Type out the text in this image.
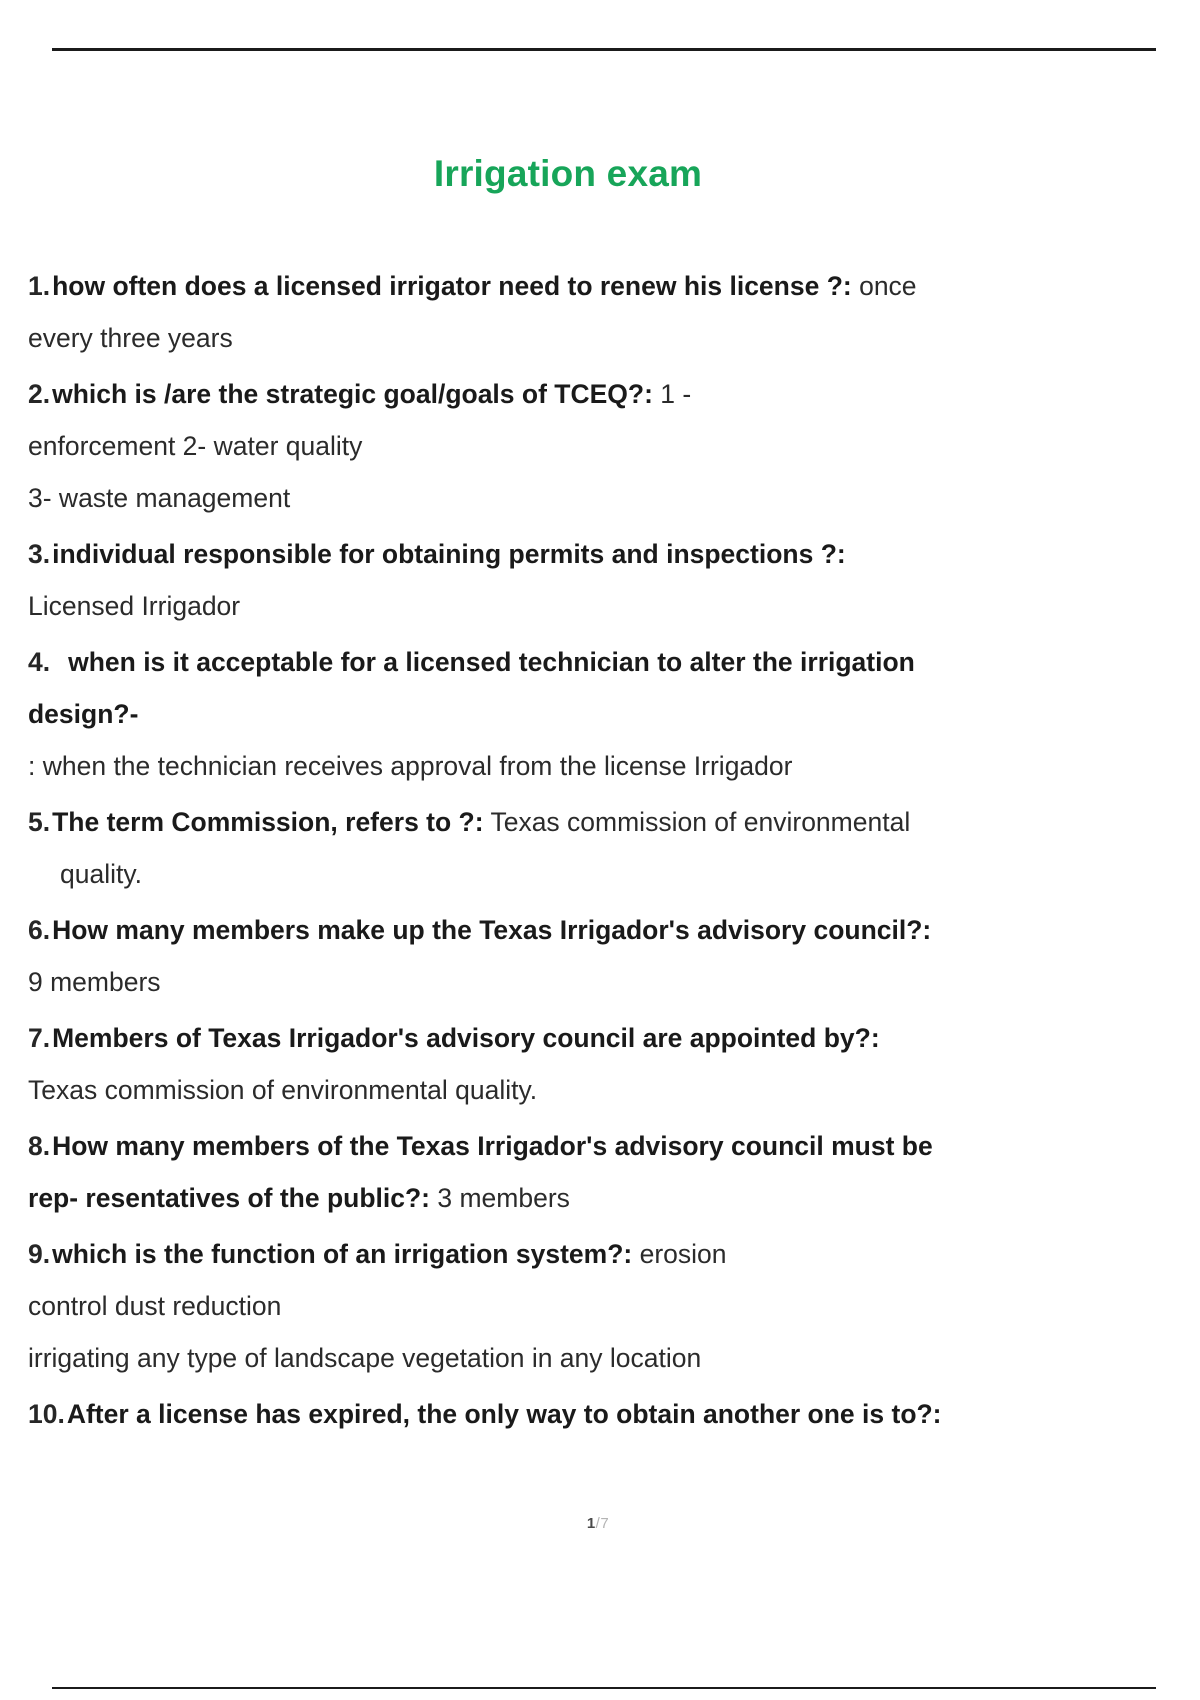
Irrigation exam
1.how often does a licensed irrigator need to renew his license ?: once
every three years
2.which is /are the strategic goal/goals of TCEQ?: 1 -
enforcement 2- water quality
3- waste management
3.individual responsible for obtaining permits and inspections ?:
Licensed Irrigador
4. when is it acceptable for a licensed technician to alter the irrigation
design?-
: when the technician receives approval from the license Irrigador
5.The term Commission, refers to ?: Texas commission of environmental
quality.
6.How many members make up the Texas Irrigador's advisory council?:
9 members
7.Members of Texas Irrigador's advisory council are appointed by?:
Texas commission of environmental quality.
8.How many members of the Texas Irrigador's advisory council must be
rep- resentatives of the public?: 3 members
9.which is the function of an irrigation system?: erosion
control dust reduction
irrigating any type of landscape vegetation in any location
10.After a license has expired, the only way to obtain another one is to?:
1/7
